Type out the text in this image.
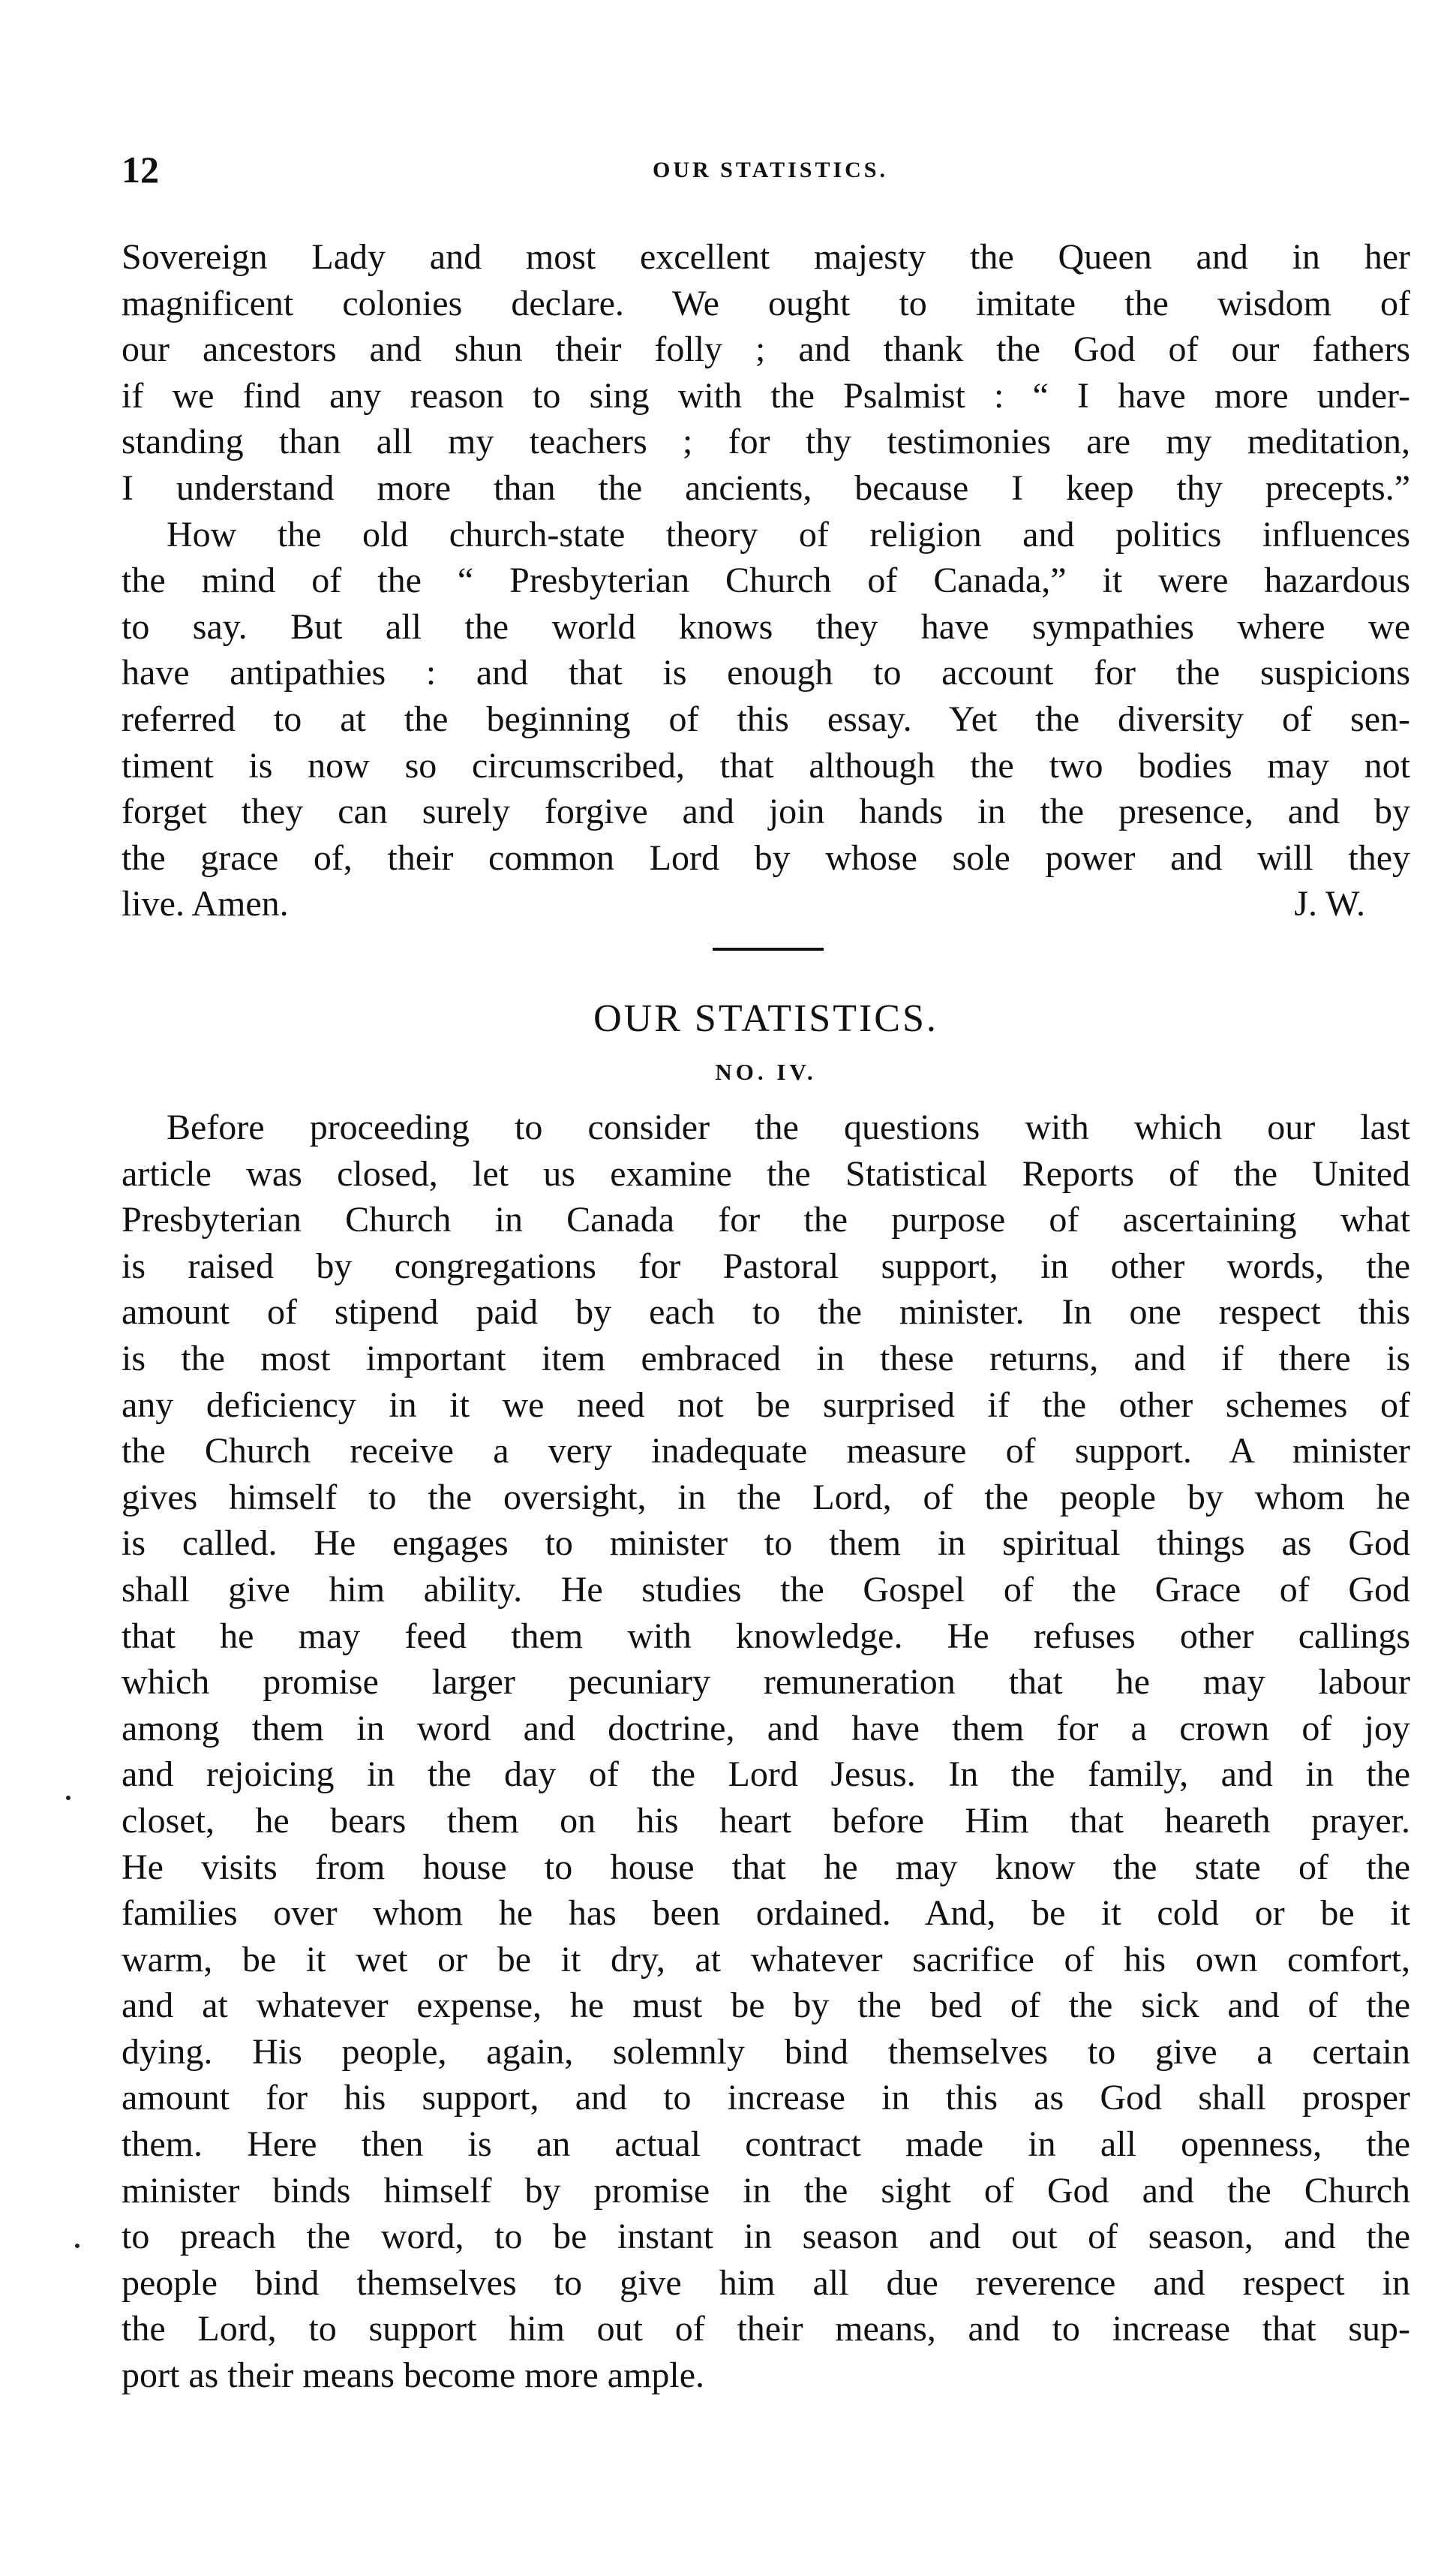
12	OUR STATISTICS.
Sovereign Lady and most excellent majesty the Queen and in her
magnificent colonies declare. We ought to imitate the wisdom of
our ancestors and shun their folly ; and thank the God of our fathers
if we find any reason to sing with the Psalmist : “ I have more under-
standing than all my teachers ; for thy testimonies are my meditation,
I understand more than the ancients, because I keep thy precepts.”
How the old church-state theory of religion and politics influences
the mind of the “ Presbyterian Church of Canada,” it were hazardous
to say. But all the world knows they have sympathies where we
have antipathies : and that is enough to account for the suspicions
referred to at the beginning of this essay. Yet the diversity of sen-
timent is now so circumscribed, that although the two bodies may not
forget they can surely forgive and join hands in the presence, and by
the grace of, their common Lord by whose sole power and will they
live. Amen.	J. W.
OUR STATISTICS.
NO. IV.
Before proceeding to consider the questions with which our last
article was closed, let us examine the Statistical Reports of the United
Presbyterian Church in Canada for the purpose of ascertaining what
is raised by congregations for Pastoral support, in other words, the
amount of stipend paid by each to the minister. In one respect this
is the most important item embraced in these returns, and if there is
any deficiency in it we need not be surprised if the other schemes of
the Church receive a very inadequate measure of support. A minister
gives himself to the oversight, in the Lord, of the people by whom he
is called. He engages to minister to them in spiritual things as God
shall give him ability. He studies the Gospel of the Grace of God
that he may feed them with knowledge. He refuses other callings
which promise larger pecuniary remuneration that he may labour
among them in word and doctrine, and have them for a crown of joy
and rejoicing in the day of the Lord Jesus. In the family, and in the
closet, he bears them on his heart before Him that heareth prayer.
He visits from house to house that he may know the state of the
families over whom he has been ordained. And, be it cold or be it
warm, be it wet or be it dry, at whatever sacrifice of his own comfort,
and at whatever expense, he must be by the bed of the sick and of the
dying. His people, again, solemnly bind themselves to give a certain
amount for his support, and to increase in this as God shall prosper
them. Here then is an actual contract made in all openness, the
minister binds himself by promise in the sight of God and the Church
to preach the word, to be instant in season and out of season, and the
people bind themselves to give him all due reverence and respect in
the Lord, to support him out of their means, and to increase that sup-
port as their means become more ample.
